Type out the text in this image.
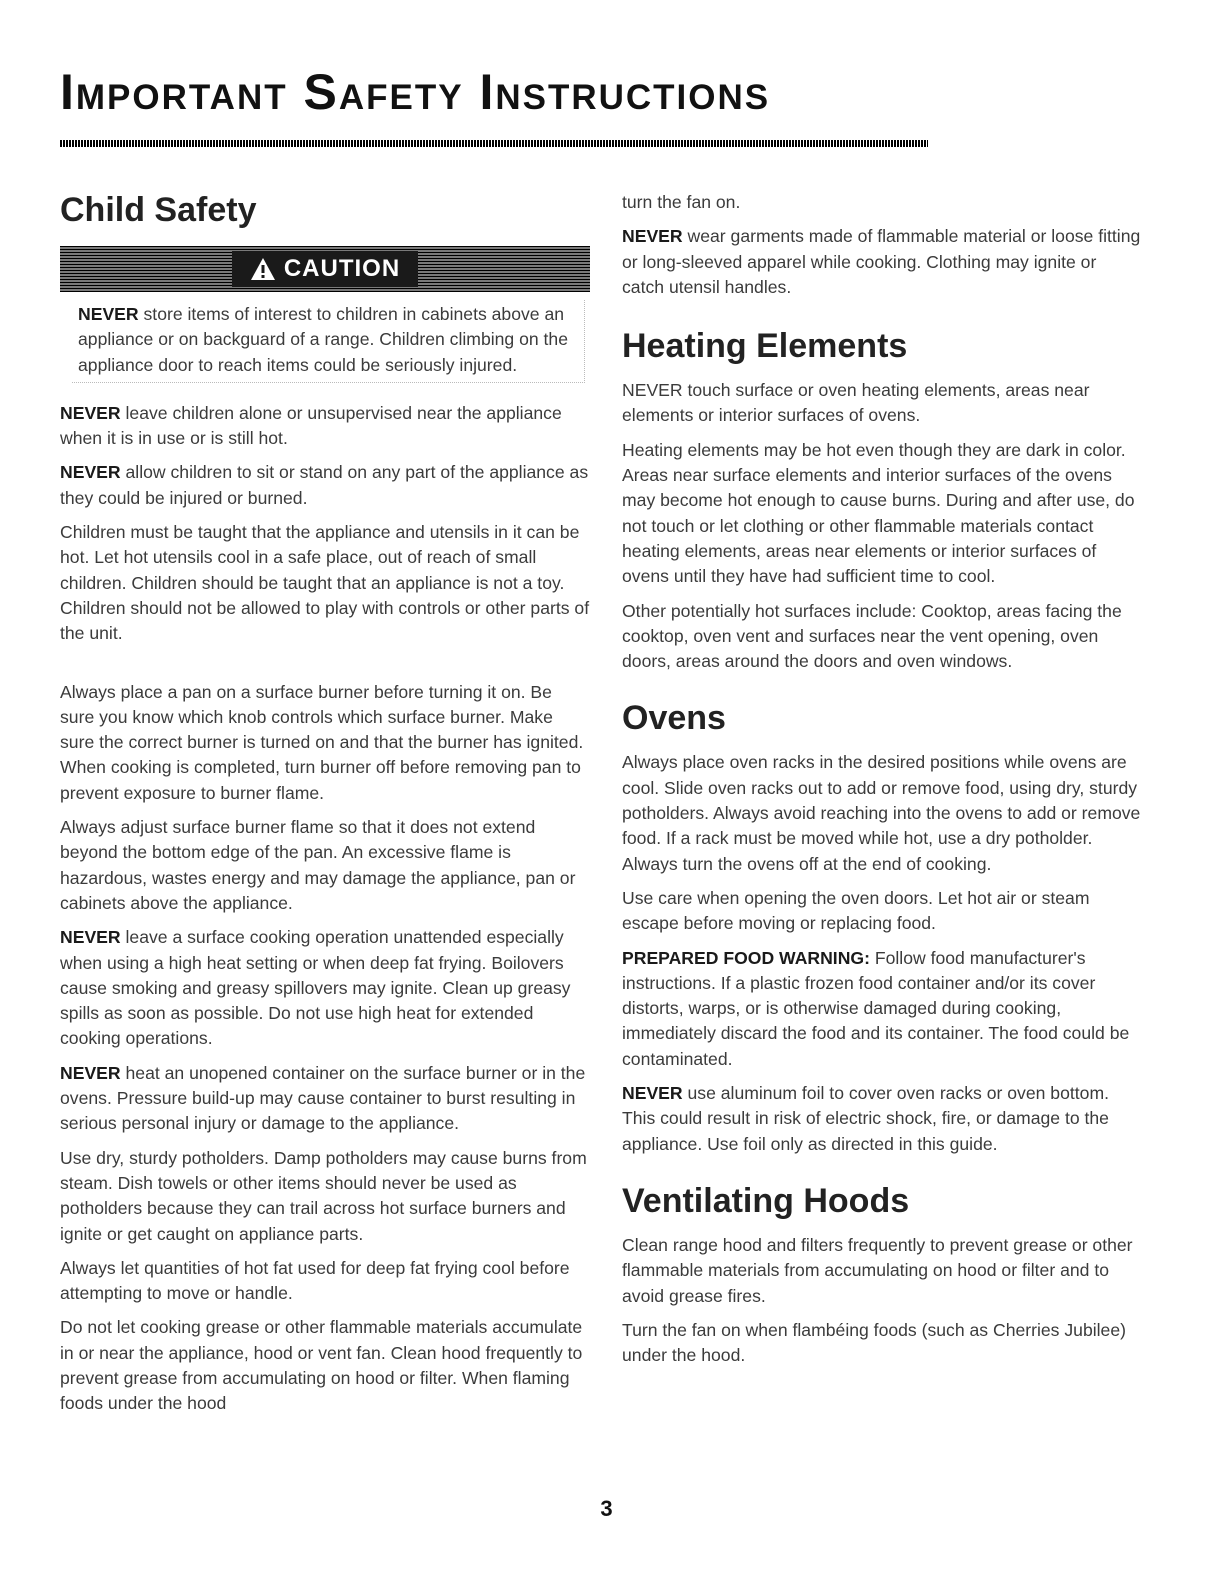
Important Safety Instructions
Child Safety
CAUTION

NEVER store items of interest to children in cabinets above an appliance or on backguard of a range. Children climbing on the appliance door to reach items could be seriously injured.

NEVER leave children alone or unsupervised near the appliance when it is in use or is still hot.

NEVER allow children to sit or stand on any part of the appliance as they could be injured or burned.

Children must be taught that the appliance and utensils in it can be hot. Let hot utensils cool in a safe place, out of reach of small children. Children should be taught that an appliance is not a toy. Children should not be allowed to play with controls or other parts of the unit.

Always place a pan on a surface burner before turning it on. Be sure you know which knob controls which surface burner. Make sure the correct burner is turned on and that the burner has ignited. When cooking is completed, turn burner off before removing pan to prevent exposure to burner flame.

Always adjust surface burner flame so that it does not extend beyond the bottom edge of the pan. An excessive flame is hazardous, wastes energy and may damage the appliance, pan or cabinets above the appliance.

NEVER leave a surface cooking operation unattended especially when using a high heat setting or when deep fat frying. Boilovers cause smoking and greasy spillovers may ignite. Clean up greasy spills as soon as possible. Do not use high heat for extended cooking operations.

NEVER heat an unopened container on the surface burner or in the ovens. Pressure build-up may cause container to burst resulting in serious personal injury or damage to the appliance.

Use dry, sturdy potholders. Damp potholders may cause burns from steam. Dish towels or other items should never be used as potholders because they can trail across hot surface burners and ignite or get caught on appliance parts.

Always let quantities of hot fat used for deep fat frying cool before attempting to move or handle.

Do not let cooking grease or other flammable materials accumulate in or near the appliance, hood or vent fan. Clean hood frequently to prevent grease from accumulating on hood or filter. When flaming foods under the hood

turn the fan on.

NEVER wear garments made of flammable material or loose fitting or long-sleeved apparel while cooking. Clothing may ignite or catch utensil handles.

Heating Elements

NEVER touch surface or oven heating elements, areas near elements or interior surfaces of ovens.

Heating elements may be hot even though they are dark in color. Areas near surface elements and interior surfaces of the ovens may become hot enough to cause burns. During and after use, do not touch or let clothing or other flammable materials contact heating elements, areas near elements or interior surfaces of ovens until they have had sufficient time to cool.

Other potentially hot surfaces include: Cooktop, areas facing the cooktop, oven vent and surfaces near the vent opening, oven doors, areas around the doors and oven windows.

Ovens

Always place oven racks in the desired positions while ovens are cool. Slide oven racks out to add or remove food, using dry, sturdy potholders. Always avoid reaching into the ovens to add or remove food. If a rack must be moved while hot, use a dry potholder. Always turn the ovens off at the end of cooking.

Use care when opening the oven doors. Let hot air or steam escape before moving or replacing food.

PREPARED FOOD WARNING: Follow food manufacturer's instructions. If a plastic frozen food container and/or its cover distorts, warps, or is otherwise damaged during cooking, immediately discard the food and its container. The food could be contaminated.

NEVER use aluminum foil to cover oven racks or oven bottom. This could result in risk of electric shock, fire, or damage to the appliance. Use foil only as directed in this guide.

Ventilating Hoods

Clean range hood and filters frequently to prevent grease or other flammable materials from accumulating on hood or filter and to avoid grease fires.

Turn the fan on when flambéing foods (such as Cherries Jubilee) under the hood.

3
